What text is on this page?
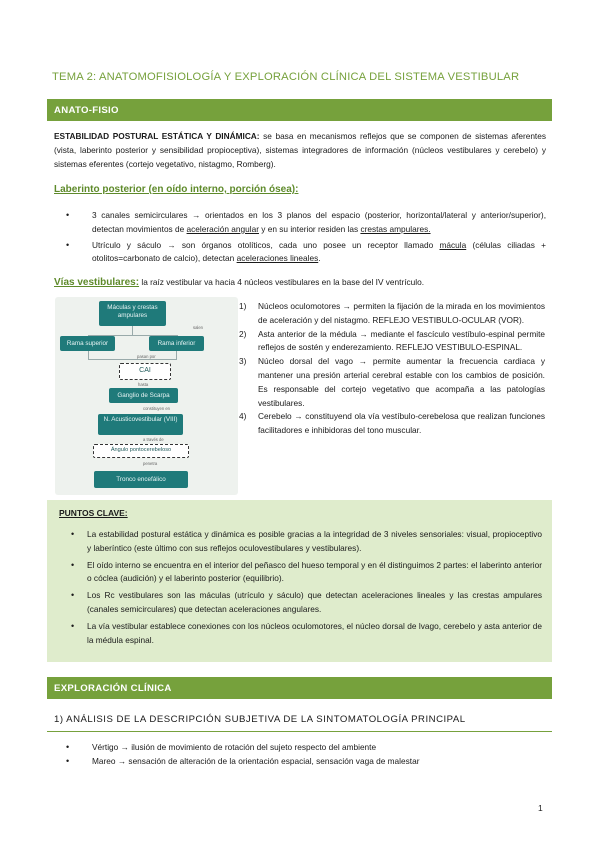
TEMA 2: ANATOMOFISIOLOGÍA Y EXPLORACIÓN CLÍNICA DEL SISTEMA VESTIBULAR
ANATO-FISIO
ESTABILIDAD POSTURAL ESTÁTICA Y DINÁMICA: se basa en mecanismos reflejos que se componen de sistemas aferentes (vista, laberinto posterior y sensibilidad propioceptiva), sistemas integradores de información (núcleos vestibulares y cerebelo) y sistemas eferentes (cortejo vegetativo, nistagmo, Romberg).
Laberinto posterior (en oído interno, porción ósea):
• 3 canales semicirculares → orientados en los 3 planos del espacio (posterior, horizontal/lateral y anterior/superior), detectan movimientos de aceleración angular y en su interior residen las crestas ampulares.
• Utrículo y sáculo → son órganos otolíticos, cada uno posee un receptor llamado mácula (células ciliadas + otolitos=carbonato de calcio), detectan aceleraciones lineales.
Vías vestibulares: la raíz vestibular va hacia 4 núcleos vestibulares en la base del IV ventrículo.
Máculas y crestas ampulares
salen
Rama superior	Rama inferior
pasan por
CAI
hasta
Ganglio de Scarpa
constituyen en
N. Acusticovestibular (VIII)
a través de
Ángulo pontocerebeloso
penetra
Tronco encefálico
1) Núcleos oculomotores → permiten la fijación de la mirada en los movimientos de aceleración y del nistagmo. REFLEJO VESTIBULO-OCULAR (VOR).
2) Asta anterior de la médula → mediante el fascículo vestíbulo-espinal permite reflejos de sostén y enderezamiento. REFLEJO VESTIBULO-ESPINAL.
3) Núcleo dorsal del vago → permite aumentar la frecuencia cardiaca y mantener una presión arterial cerebral estable con los cambios de posición. Es responsable del cortejo vegetativo que acompaña a las patologías vestibulares.
4) Cerebelo → constituyend ola vía vestíbulo-cerebelosa que realizan funciones facilitadores e inhibidoras del tono muscular.
PUNTOS CLAVE:
• La estabilidad postural estática y dinámica es posible gracias a la integridad de 3 niveles sensoriales: visual, propioceptivo y laberíntico (este último con sus reflejos oculovestibulares y vestibulares).
• El oído interno se encuentra en el interior del peñasco del hueso temporal y en él distinguimos 2 partes: el laberinto anterior o cóclea (audición) y el laberinto posterior (equilibrio).
• Los Rc vestibulares son las máculas (utrículo y sáculo) que detectan aceleraciones lineales y las crestas ampulares (canales semicirculares) que detectan aceleraciones angulares.
• La vía vestibular establece conexiones con los núcleos oculomotores, el núcleo dorsal de lvago, cerebelo y asta anterior de la médula espinal.
EXPLORACIÓN CLÍNICA
1) ANÁLISIS DE LA DESCRIPCIÓN SUBJETIVA DE LA SINTOMATOLOGÍA PRINCIPAL
• Vértigo → ilusión de movimiento de rotación del sujeto respecto del ambiente
• Mareo → sensación de alteración de la orientación espacial, sensación vaga de malestar
1
